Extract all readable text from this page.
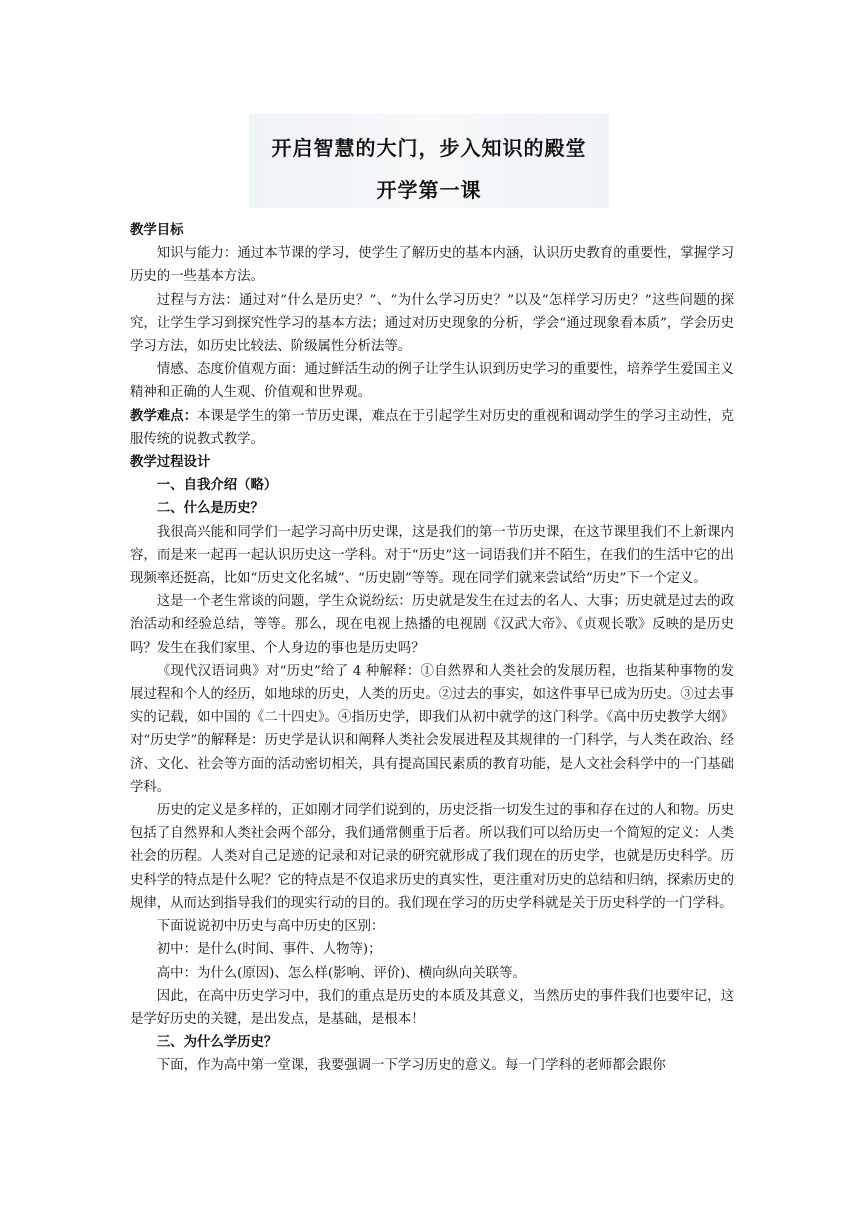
开启智慧的大门，步入知识的殿堂
开学第一课

教学目标

知识与能力：通过本节课的学习，使学生了解历史的基本内涵，认识历史教育的重要性，掌握学习历史的一些基本方法。

过程与方法：通过对“什么是历史？”、“为什么学习历史？”以及“怎样学习历史？”这些问题的探究，让学生学习到探究性学习的基本方法；通过对历史现象的分析，学会“通过现象看本质”，学会历史学习方法，如历史比较法、阶级属性分析法等。

情感、态度价值观方面：通过鲜活生动的例子让学生认识到历史学习的重要性，培养学生爱国主义精神和正确的人生观、价值观和世界观。

教学难点：本课是学生的第一节历史课，难点在于引起学生对历史的重视和调动学生的学习主动性，克服传统的说教式教学。

教学过程设计

一、自我介绍（略）

二、什么是历史？

我很高兴能和同学们一起学习高中历史课，这是我们的第一节历史课，在这节课里我们不上新课内容，而是来一起再一起认识历史这一学科。对于“历史”这一词语我们并不陌生，在我们的生活中它的出现频率还挺高，比如“历史文化名城”、“历史剧”等等。现在同学们就来尝试给“历史”下一个定义。

这是一个老生常谈的问题，学生众说纷纭：历史就是发生在过去的名人、大事；历史就是过去的政治活动和经验总结，等等。那么，现在电视上热播的电视剧《汉武大帝》、《贞观长歌》反映的是历史吗？发生在我们家里、个人身边的事也是历史吗？

《现代汉语词典》对“历史”给了 4 种解释：①自然界和人类社会的发展历程，也指某种事物的发展过程和个人的经历，如地球的历史，人类的历史。②过去的事实，如这件事早已成为历史。③过去事实的记载，如中国的《二十四史》。④指历史学，即我们从初中就学的这门科学。《高中历史教学大纲》对“历史学”的解释是：历史学是认识和阐释人类社会发展进程及其规律的一门科学，与人类在政治、经济、文化、社会等方面的活动密切相关，具有提高国民素质的教育功能，是人文社会科学中的一门基础学科。

历史的定义是多样的，正如刚才同学们说到的，历史泛指一切发生过的事和存在过的人和物。历史包括了自然界和人类社会两个部分，我们通常侧重于后者。所以我们可以给历史一个简短的定义：人类社会的历程。人类对自己足迹的记录和对记录的研究就形成了我们现在的历史学，也就是历史科学。历史科学的特点是什么呢？它的特点是不仅追求历史的真实性，更注重对历史的总结和归纳，探索历史的规律，从而达到指导我们的现实行动的目的。我们现在学习的历史学科就是关于历史科学的一门学科。

下面说说初中历史与高中历史的区别：

初中：是什么(时间、事件、人物等)；

高中：为什么(原因)、怎么样(影响、评价)、横向纵向关联等。

因此，在高中历史学习中，我们的重点是历史的本质及其意义，当然历史的事件我们也要牢记，这是学好历史的关键，是出发点，是基础，是根本！

三、为什么学历史？

下面，作为高中第一堂课，我要强调一下学习历史的意义。每一门学科的老师都会跟你
